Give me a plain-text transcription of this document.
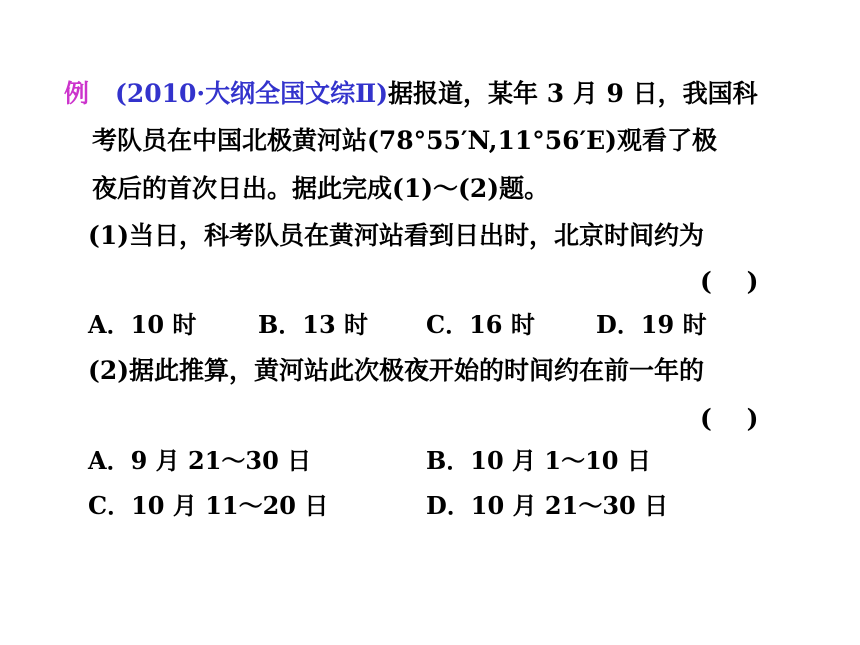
例 (2010·大纲全国文综Ⅱ)据报道，某年 3 月 9 日，我国科
考队员在中国北极黄河站(78°55′N,11°56′E)观看了极
夜后的首次日出。据此完成(1)～(2)题。
(1)当日，科考队员在黄河站看到日出时，北京时间约为
(    )
A．10 时	B．13 时 C．16 时	D．19 时
(2)据此推算，黄河站此次极夜开始的时间约在前一年的
(    )
A．9 月 21～30 日	B．10 月 1～10 日
C．10 月 11～20 日	D．10 月 21～30 日
